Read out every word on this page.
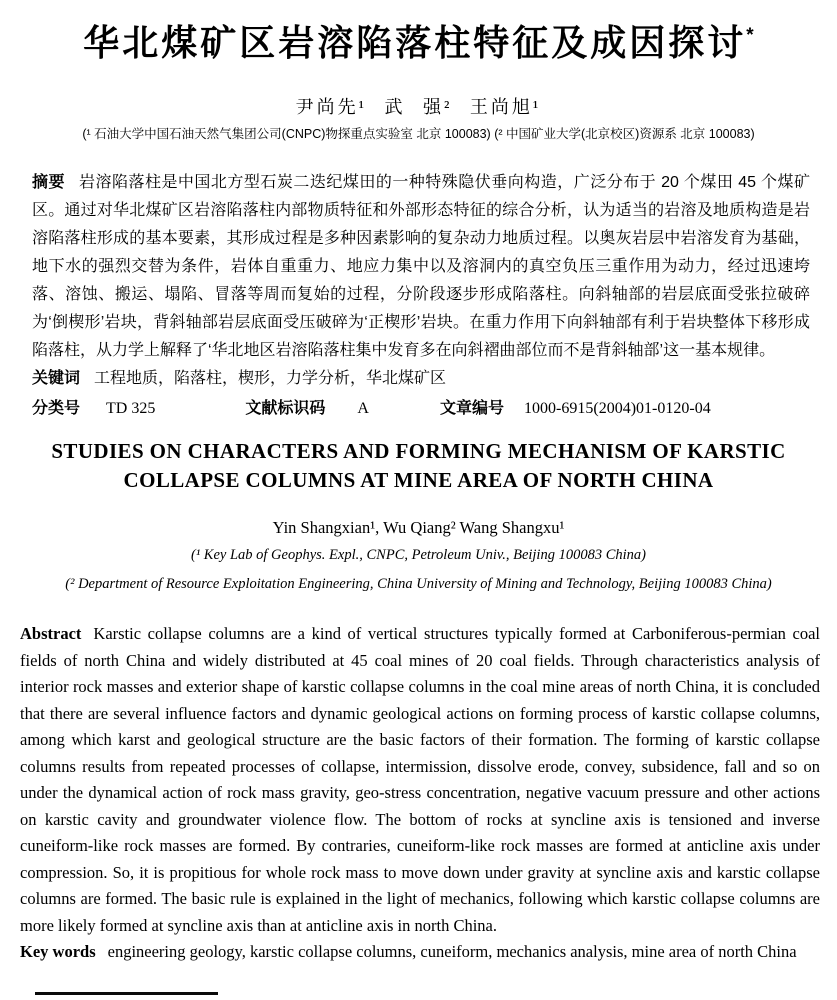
华北煤矿区岩溶陷落柱特征及成因探讨*
尹尚先¹ 武 强² 王尚旭¹
(¹ 石油大学中国石油天然气集团公司(CNPC)物探重点实验室 北京 100083) (² 中国矿业大学(北京校区)资源系 北京 100083)

摘要 岩溶陷落柱是中国北方型石炭二迭纪煤田的一种特殊隐伏垂向构造，广泛分布于 20 个煤田 45 个煤矿区。通过对华北煤矿区岩溶陷落柱内部物质特征和外部形态特征的综合分析，认为适当的岩溶及地质构造是岩溶陷落柱形成的基本要素，其形成过程是多种因素影响的复杂动力地质过程。以奥灰岩层中岩溶发育为基础，地下水的强烈交替为条件，岩体自重重力、地应力集中以及溶洞内的真空负压三重作用为动力，经过迅速垮落、溶蚀、搬运、塌陷、冒落等周而复始的过程，分阶段逐步形成陷落柱。向斜轴部的岩层底面受张拉破碎为‘倒楔形’岩块，背斜轴部岩层底面受压破碎为‘正楔形’岩块。在重力作用下向斜轴部有利于岩块整体下移形成陷落柱，从力学上解释了‘华北地区岩溶陷落柱集中发育多在向斜褶曲部位而不是背斜轴部’这一基本规律。

关键词 工程地质，陷落柱，楔形，力学分析，华北煤矿区

分类号 TD 325	文献标识码 A	文章编号 1000-6915(2004)01-0120-04
STUDIES ON CHARACTERS AND FORMING MECHANISM OF KARSTIC
COLLAPSE COLUMNS AT MINE AREA OF NORTH CHINA
Yin Shangxian¹, Wu Qiang² Wang Shangxu¹
(¹ Key Lab of Geophys. Expl., CNPC, Petroleum Univ., Beijing 100083 China)
(² Department of Resource Exploitation Engineering, China University of Mining and Technology, Beijing 100083 China)

Abstract Karstic collapse columns are a kind of vertical structures typically formed at Carboniferous-permian coal fields of north China and widely distributed at 45 coal mines of 20 coal fields. Through characteristics analysis of interior rock masses and exterior shape of karstic collapse columns in the coal mine areas of north China, it is concluded that there are several influence factors and dynamic geological actions on forming process of karstic collapse columns, among which karst and geological structure are the basic factors of their formation. The forming of karstic collapse columns results from repeated processes of collapse, intermission, dissolve erode, convey, subsidence, fall and so on under the dynamical action of rock mass gravity, geo-stress concentration, negative vacuum pressure and other actions on karstic cavity and groundwater violence flow. The bottom of rocks at syncline axis is tensioned and inverse cuneiform-like rock masses are formed. By contraries, cuneiform-like rock masses are formed at anticline axis under compression. So, it is propitious for whole rock mass to move down under gravity at syncline axis and karstic collapse columns are formed. The basic rule is explained in the light of mechanics, following which karstic collapse columns are more likely formed at syncline axis than at anticline axis in north China.

Key words engineering geology, karstic collapse columns, cuneiform, mechanics analysis, mine area of north China
